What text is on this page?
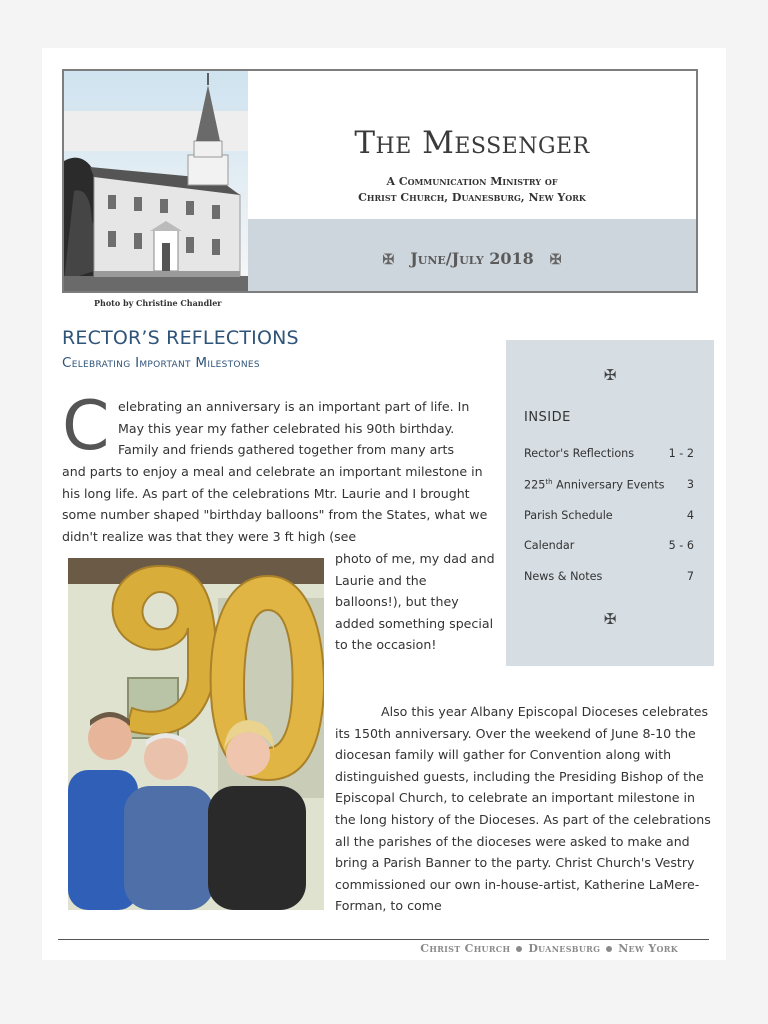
The Messenger
A Communication Ministry of
Christ Church, Duanesburg, New York
✠ June/July 2018 ✠
Photo by Christine Chandler
RECTOR’S REFLECTIONS
Celebrating Important Milestones
C elebrating an anniversary is an important part of life. In May this year my father celebrated his 90th birthday. Family and friends gathered together from many arts
and parts to enjoy a meal and celebrate an important milestone in his long life. As part of the celebrations Mtr. Laurie and I brought some number shaped "birthday balloons" from the States, what we didn't realize was that they were 3 ft high (see
photo of me, my dad and Laurie and the balloons!), but they added something special to the occasion!
Also this year Albany Episcopal Dioceses celebrates its 150th anniversary. Over the weekend of June 8-10 the diocesan family will gather for Convention along with distinguished guests, including the Presiding Bishop of the Episcopal Church, to celebrate an important milestone in the long history of the Dioceses. As part of the celebrations all the parishes of the dioceses were asked to make and bring a Parish Banner to the party. Christ Church's Vestry commissioned our own in-house-artist, Katherine LaMere-Forman, to come
✠
INSIDE
Rector's Reflections	1 - 2
225th Anniversary Events 3
Parish Schedule	4
Calendar	5 - 6
News & Notes	7
✠
Christ Church Duanesburg New York
